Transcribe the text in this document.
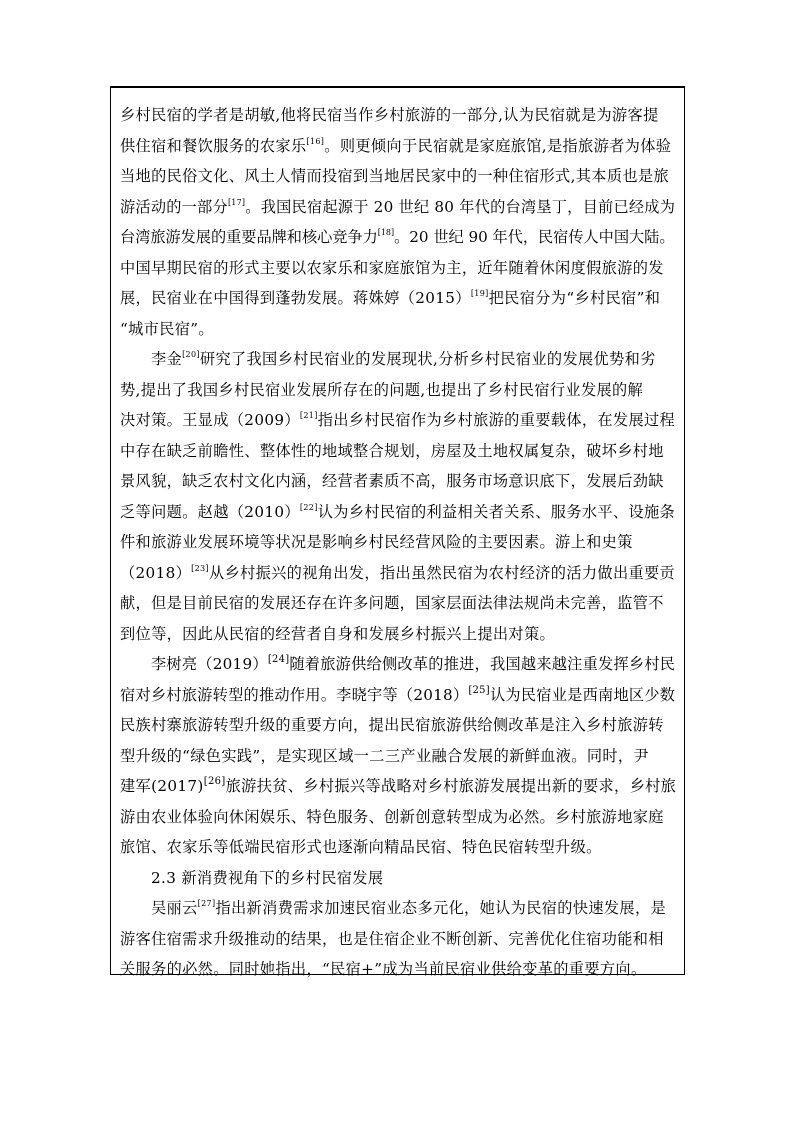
乡村民宿的学者是胡敏,他将民宿当作乡村旅游的一部分,认为民宿就是为游客提
供住宿和餐饮服务的农家乐[16]。则更倾向于民宿就是家庭旅馆,是指旅游者为体验
当地的民俗文化、风土人情而投宿到当地居民家中的一种住宿形式,其本质也是旅
游活动的一部分[17]。我国民宿起源于 20 世纪 80 年代的台湾垦丁，目前已经成为
台湾旅游发展的重要品牌和核心竞争力[18]。20 世纪 90 年代，民宿传人中国大陆。
中国早期民宿的形式主要以农家乐和家庭旅馆为主，近年随着休闲度假旅游的发
展，民宿业在中国得到蓬勃发展。蒋姝婷（2015）[19]把民宿分为“乡村民宿”和
“城市民宿”。
李金[20]研究了我国乡村民宿业的发展现状,分析乡村民宿业的发展优势和劣
势,提出了我国乡村民宿业发展所存在的问题,也提出了乡村民宿行业发展的解
决对策。王显成（2009）[21]指出乡村民宿作为乡村旅游的重要载体，在发展过程
中存在缺乏前瞻性、整体性的地域整合规划，房屋及土地权属复杂，破坏乡村地
景风貌，缺乏农村文化内涵，经营者素质不高，服务市场意识底下，发展后劲缺
乏等问题。赵越（2010）[22]认为乡村民宿的利益相关者关系、服务水平、设施条
件和旅游业发展环境等状况是影响乡村民经营风险的主要因素。游上和史策
（2018）[23]从乡村振兴的视角出发，指出虽然民宿为农村经济的活力做出重要贡
献，但是目前民宿的发展还存在许多问题，国家层面法律法规尚未完善，监管不
到位等，因此从民宿的经营者自身和发展乡村振兴上提出对策。
李树亮（2019）[24]随着旅游供给侧改革的推进，我国越来越注重发挥乡村民
宿对乡村旅游转型的推动作用。李晓宇等（2018）[25]认为民宿业是西南地区少数
民族村寨旅游转型升级的重要方向，提出民宿旅游供给侧改革是注入乡村旅游转
型升级的“绿色实践”，是实现区域一二三产业融合发展的新鲜血液。同时，尹
建军(2017)[26]旅游扶贫、乡村振兴等战略对乡村旅游发展提出新的要求，乡村旅
游由农业体验向休闲娱乐、特色服务、创新创意转型成为必然。乡村旅游地家庭
旅馆、农家乐等低端民宿形式也逐渐向精品民宿、特色民宿转型升级。
2.3 新消费视角下的乡村民宿发展
吴丽云[27]指出新消费需求加速民宿业态多元化，她认为民宿的快速发展，是
游客住宿需求升级推动的结果，也是住宿企业不断创新、完善优化住宿功能和相
关服务的必然。同时她指出，“民宿+”成为当前民宿业供给变革的重要方向。
